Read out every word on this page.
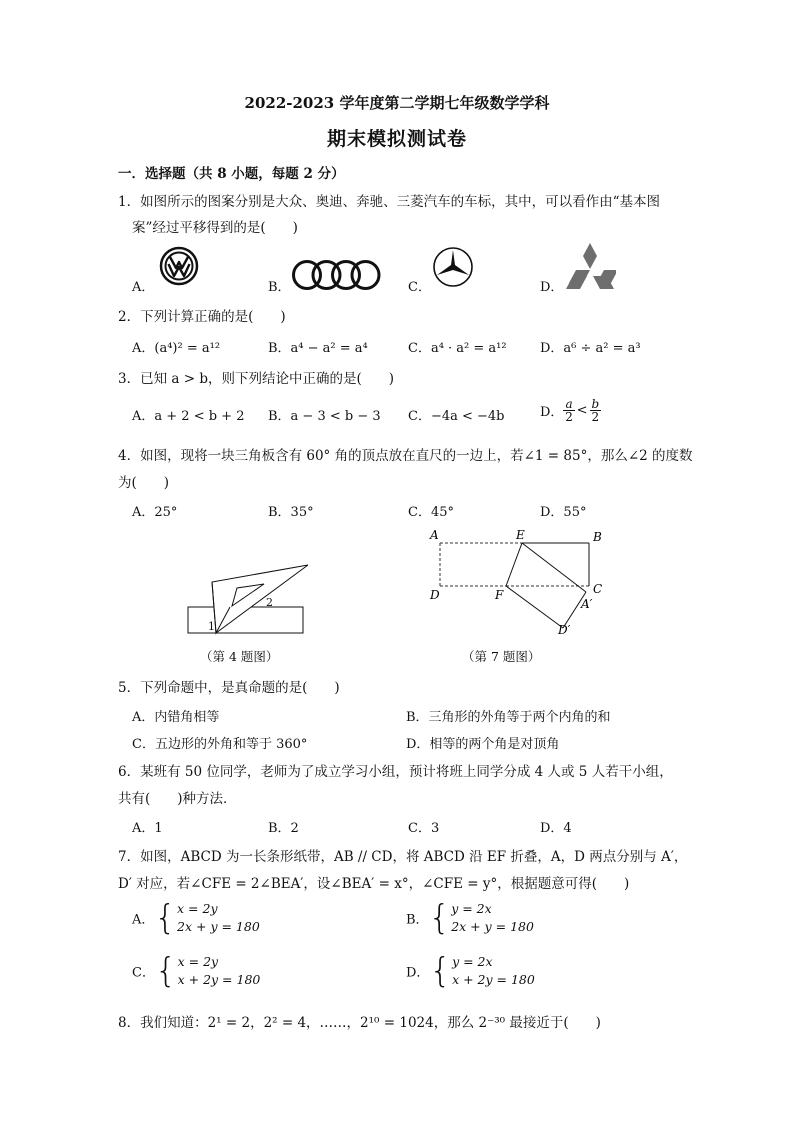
2022-2023 学年度第二学期七年级数学学科
期末模拟测试卷
一．选择题（共 8 小题，每题 2 分）
1．如图所示的图案分别是大众、奥迪、奔驰、三菱汽车的车标，其中，可以看作由“基本图
案”经过平移得到的是(　　)
A．	B．	C．	D．
2．下列计算正确的是(　　)
A．(a⁴)² = a¹²	B．a⁴ − a² = a⁴	C．a⁴ · a² = a¹²	D．a⁶ ÷ a² = a³
3．已知 a > b，则下列结论中正确的是(　　)
A．a + 2 < b + 2 B．a − 3 < b − 3 C．−4a < −4b	D． $\frac{a}{2} < \frac{b}{2}$
4．如图，现将一块三角板含有 60° 角的顶点放在直尺的一边上，若∠1 = 85°，那么∠2 的度数
为(　　)
A．25°	B．35°	C．45°	D．55°
1
2
（第 4 题图）
A	E	B
D	F	C
A′
D′
（第 7 题图）
5．下列命题中，是真命题的是(　　)
A．内错角相等	B．三角形的外角等于两个内角的和
C．五边形的外角和等于 360°	D．相等的两个角是对顶角
6．某班有 50 位同学，老师为了成立学习小组，预计将班上同学分成 4 人或 5 人若干小组，
共有(　　)种方法．
A．1	B．2	C．3	D．4
7．如图，ABCD 为一长条形纸带，AB // CD，将 ABCD 沿 EF 折叠，A，D 两点分别与 A′，
D′ 对应，若∠CFE = 2∠BEA′，设∠BEA′ = x°，∠CFE = y°，根据题意可得(　　)
A．{ x = 2y
2x + y = 180	B．{ y = 2x
2x + y = 180
C．{ x = 2y
x + 2y = 180	D．{ y = 2x
x + 2y = 180
8．我们知道：2¹ = 2，2² = 4，……，2¹⁰ = 1024，那么 2⁻³⁰ 最接近于(　　)
